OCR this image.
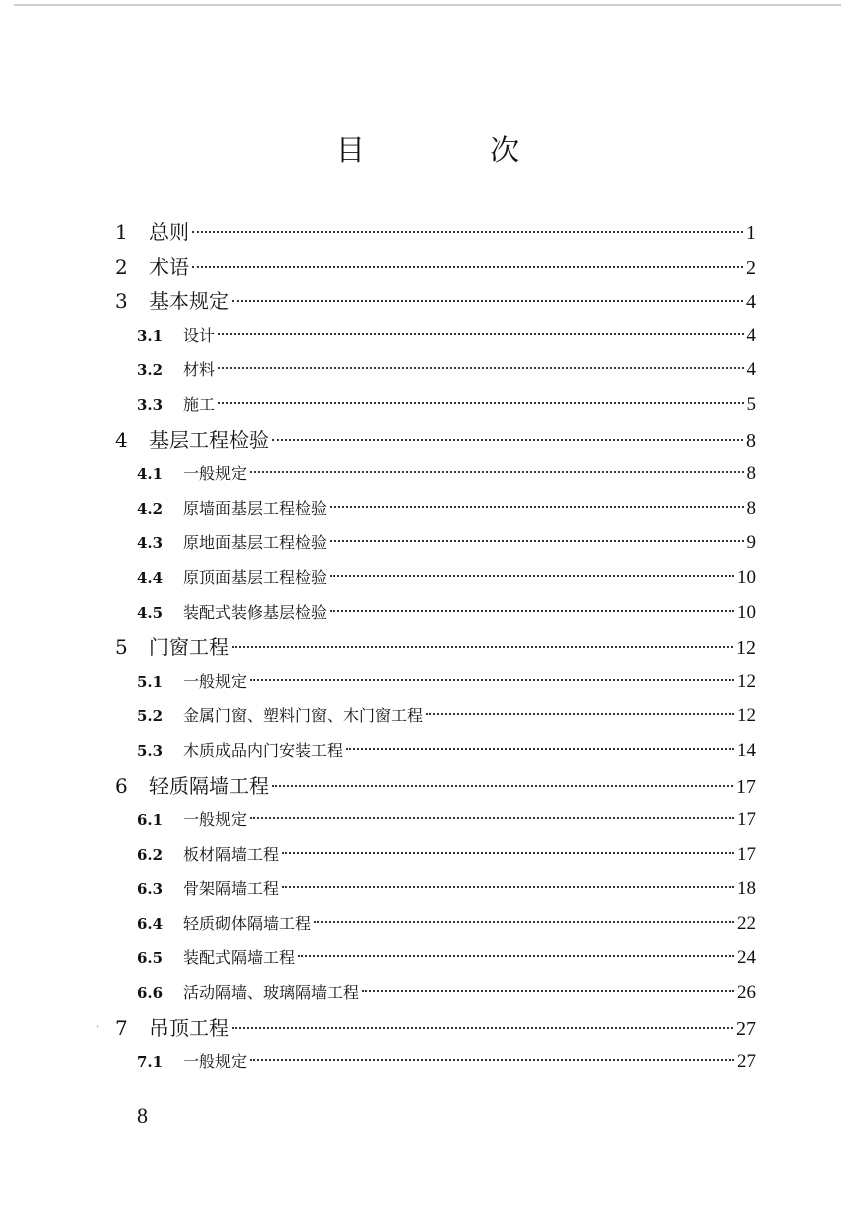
目 次
1	总则	1
2	术语	2
3	基本规定	4
3.1	设计	4
3.2	材料	4
3.3	施工	5
4	基层工程检验	8
4.1	一般规定	8
4.2	原墙面基层工程检验	8
4.3	原地面基层工程检验	9
4.4	原顶面基层工程检验	10
4.5	装配式装修基层检验	10
5	门窗工程	12
5.1	一般规定	12
5.2	金属门窗、塑料门窗、木门窗工程	12
5.3	木质成品内门安装工程	14
6	轻质隔墙工程	17
6.1	一般规定	17
6.2	板材隔墙工程	17
6.3	骨架隔墙工程	18
6.4	轻质砌体隔墙工程	22
6.5	装配式隔墙工程	24
6.6	活动隔墙、玻璃隔墙工程	26
7	吊顶工程	27
7.1	一般规定	27
·
8
